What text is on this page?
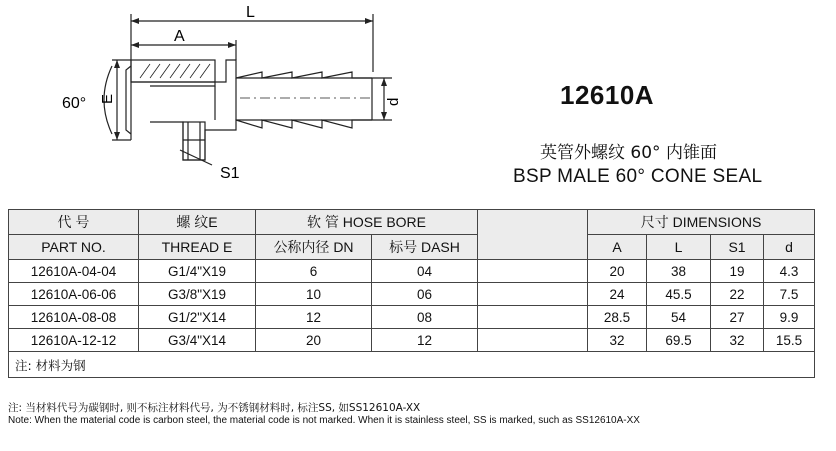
L
A
60° E	d
S1
12610A
英管外螺纹 60° 内锥面
BSP MALE 60° CONE SEAL
代 号	螺 纹E	软 管 HOSE BORE			尺寸 DIMENSIONS			
PART NO.	THREAD E	公称内径 DN	标号 DASH		A	L	S1	d
12610A-04-04	G1/4"X19	6	04		20	38	19	4.3
12610A-06-06	G3/8"X19	10	06		24	45.5	22	7.5
12610A-08-08	G1/2"X14	12	08		28.5	54	27	9.9
12610A-12-12	G3/4"X14	20	12		32	69.5	32	15.5
注: 材料为钢								
注: 当材料代号为碳钢时, 则不标注材料代号, 为不锈钢材料时, 标注SS, 如SS12610A-XX
Note: When the material code is carbon steel, the material code is not marked. When it is stainless steel, SS is marked, such as SS12610A-XX
